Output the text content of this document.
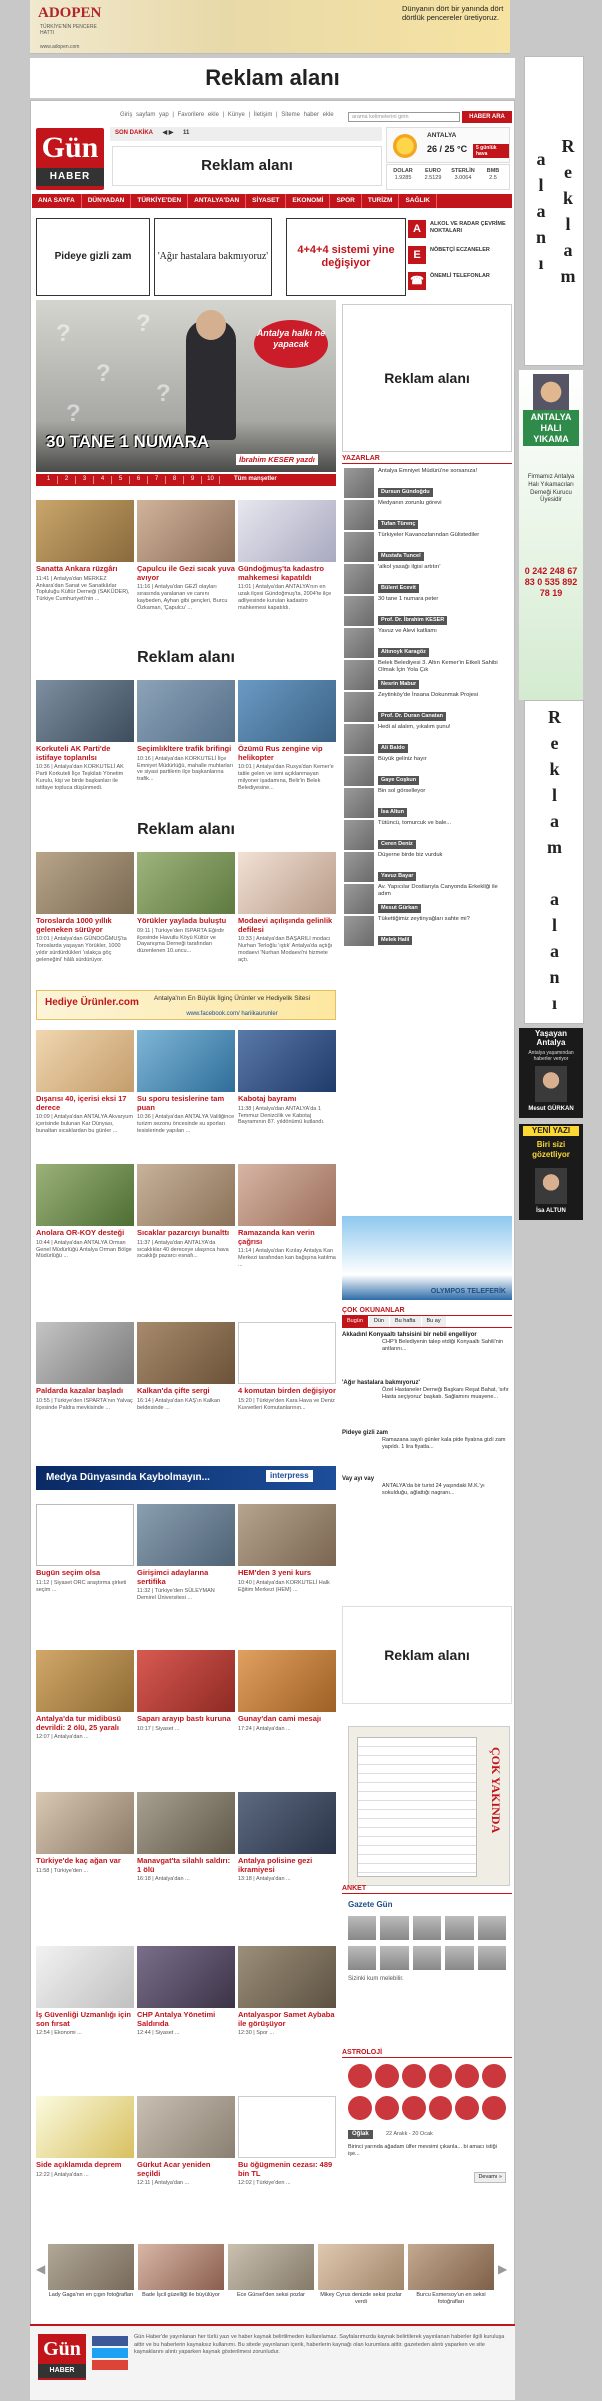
ADOPEN
TÜRKİYE'NİN PENCERE HATTI
www.adopen.com
Dünyanın dört bir yanında dört dörtlük pencereler üretiyoruz.
Reklam alanı
Reklam alanı
Reklam alanı
ANTALYA HALI YIKAMA
Firmamız Antalya Halı Yıkamacıları Derneği Kurucu Üyesidir
0 242 248 67 83 0 535 892 78 19
Yaşayan Antalya
Antalya yaşamından haberler veriyor
Mesut GÜRKAN
YENİ YAZI
Biri sizi gözetliyor
İsa ALTUN
Giriş sayfam yap | Favorilere ekle | Künye | İletişim | Siteme haber ekle	arama kelimelerini girin	HABER ARA
Gün
HABER
SON DAKİKA ◀ ▶ 11
Reklam alanı
ANTALYA
26 / 25 °C	5 günlük hava
DOLAR
1.9285
EURO
2.5129
STERLİN
3.0064
BMB
2.5
ANA SAYFA	DÜNYADAN	TÜRKİYE'DEN	ANTALYA'DAN	SİYASET	EKONOMİ	SPOR	TURİZM	SAĞLIK
Pideye gizli zam	'Ağır hastalara bakmıyoruz'
4+4+4 sistemi yine değişiyor
A	ALKOL VE RADAR ÇEVRİME NOKTALARI
E	NÖBETÇİ ECZANELER
☎	ÖNEMLİ TELEFONLAR
?
?
?
?
?
Antalya halkı ne yapacak
30 TANE 1 NUMARA
İbrahim KESER yazdı
1	2	3	4	5	6	7	8	9	10	Tüm manşetler
Reklam alanı
YAZARLAR
Antalya Emniyet Müdürü'ne sorsanıza!
Dursun Gündoğdu
Medyanın zorunlu görevi
Tufan Türenç
Türkiyeler Kavanozlarından Gülistediler
Mustafa Tuncel
'alkol yasağı ilgisi artıtırı'
Bülent Ecevit
30 tane 1 numara peter
Prof. Dr. İbrahim KESER
Yavuz ve Alevi katliamı
Altınoyk Karagöz
Belek Belediyesi 3. Altın Kemer'in Etkeli Sahibi Olmak İçin Yola Çık
Nesrin Mabur
Zeytinköy'de İnsana Dokunmak Projesi
Prof. Dr. Duran Canatan
Hedi al alalım, yıkalım şunu!
Ali Baldo
Büyük geliniz hayır
Gaye Coşkun
Bin sol görselleyor
İsa Altun
Tütüncü, tomurcuk ve bale...
Ceren Deniz
Düşerne birde biz vurduk
Yavuz Bayar
Av. Yapıcılar Dostlarıyla Canyonda Erkekliği ile adım
Mesut Gürkan
Tükettiğimiz zeytinyağları sahte mi?
Melek Halil
Sanatta Ankara rüzgârı
11:41 | Antalya'dan MERKEZ Ankara'dan Sanat ve Sanatkârlar Topluluğu Kültür Derneği (SAKÜDER), Türkiye Cumhuriyeti'nin ...
Çapulcu ile Gezi sıcak yuva avıyor
11:16 | Antalya'dan GEZİ olayları sırasında yaralanan ve canını kaybeden, Ayhan gibi gençleri, Burcu Özkaman, 'Çapulcu' ...
Gündoğmuş'ta kadastro mahkemesi kapatıldı
11:01 | Antalya'dan ANTALYA'nın en uzak ilçesi Gündoğmuş'ta, 2004'te ilçe adliyesinde kurulan kadastro mahkemesi kapatıldı.
Reklam alanı
Korkuteli AK Parti'de istifaye toplanılsı
10:36 | Antalya'dan KORKUTELİ AK Parti Korkuteli İlçe Teşkilatı Yönetim Kurulu, kişi ve birde başkanları ile istifaye topluca düşünmedi.
Seçimlıkltere trafik brifingi
10:16 | Antalya'dan KORKUTELİ İlçe Emniyet Müdürlüğü, mahalle muhtarları ve siyasi partilerin ilçe başkanlarına trafik...
Özümü Rus zengine vip helikopter
10:01 | Antalya'dan Rusya'dan Kemer'e tatile gelen ve ismi açıklanmayan milyoner işadamına, Belir'in Belek Belediyesine...
Reklam alanı
Toroslarda 1000 yıllık geleneken sürüyor
10:01 | Antalya'dan GÜNDOĞMUŞ'ta Toroslarda yaşayan Yörükler, 1000 yıldır sürdürdükleri 'ıslakça göç geleneğini' hâlâ sürdürüyor.
Yörükler yaylada buluştu
09:11 | Türkiye'den ISPARTA Eğirdir ilçesinde Havutlu Köyü Kültür ve Dayanışma Derneği tarafından düzenlenen 10.uncu...
Modaevi açılışında gelinlik defilesi
10:33 | Antalya'dan BAŞARILI modacı Nurhan Terloğlu 'ıştık' Antalya'da açtığı modaevi 'Nurhan Modaevi'ni hizmete açtı.
Hediye Ürünler.com	Antalya'nın En Büyük İlginç Ürünler ve Hediyelik Sitesi
www.facebook.com/ hariikaurunler
Dışarısı 40, içerisi eksi 17 derece
10:09 | Antalya'dan ANTALYA Akvaryum içerisinde bulunan Kar Dünyası, bunaltan sıcaklardan bu günler ...
Su sporu tesislerine tam puan
10:36 | Antalya'dan ANTALYA Valiliğince turizm sezonu öncesinde su sporları tesislerinde yapılan ...
Kabotaj bayramı
11:38 | Antalya'dan ANTALYA'da 1 Temmuz Denizcilik ve Kabotaj Bayramının 87. yıldönümü kutlandı.
Anolara OR-KOY desteği
10:44 | Antalya'dan ANTALYA Orman Genel Müdürlüğü Antalya Orman Bölge Müdürlüğü ...
Sıcaklar pazarcıyı bunalttı
11:37 | Antalya'dan ANTALYA'da sıcaklıklar 40 dereceye ulaşınca hava sıcaklığı pazarcı esnafı...
Ramazanda kan verin çağrısı
11:14 | Antalya'dan Kızılay Antalya Kan Merkezi tarafından kan bağışına katılma ...
Paldarda kazalar başladı
10:55 | Türkiye'den ISPARTA'nın Yalvaç ilçesinde Paldra mevkisinde ...
Kalkan'da çifte sergi
16:14 | Antalya'dan KAŞ'ın Kalkan beldesinde ...
4 komutan birden değişiyor
15:20 | Türkiye'den Kara Hava ve Deniz Kuvvetleri Komutanlarının...
Medya Dünyasında Kaybolmayın...	interpress
Bugün seçim olsa
11:12 | Siyaset ORC araştırma şirketi seçim ...
Girişimci adaylarına sertifika
11:32 | Türkiye'den SÜLEYMAN Demirel Üniversitesi ...
HEM'den 3 yeni kurs
10:40 | Antalya'dan KORKUTELİ Halk Eğitim Merkezi (HEM) ...
Antalya'da tur midibüsü devrildi: 2 ölü, 25 yaralı
12:07 | Antalya'dan ...
Saparı arayıp bastı kuruna
10:17 | Siyaset ...
Gunay'dan cami mesajı
17:24 | Antalya'dan ...
Türkiye'de kaç ağan var
11:58 | Türkiye'den ...
Manavgat'ta silahlı saldırı: 1 ölü
16:18 | Antalya'dan ...
Antalya polisine gezi ikramiyesi
13:18 | Antalya'dan ...
İş Güvenliği Uzmanlığı için son fırsat
12:54 | Ekonomi ...
CHP Antalya Yönetimi Saldırıda
12:44 | Siyaset ...
Antalyaspor Samet Aybaba ile görüşüyor
12:30 | Spor ...
Side açıklamıda deprem
12:22 | Antalya'dan ...
Gürkut Acar yeniden seçildi
12:11 | Antalya'dan ...
Bu öğügmenin cezası: 489 bin TL
12:02 | Türkiye'den ...
OLYMPOS TELEFERİK
ÇOK OKUNANLAR
Bugün	Dün	Bu hafta	Bu ay
Akkadınl Konyaaltı tahsisini bir nebil engelliyor
CHP'li Belediyenin talep etdiği Konyaaltı Sahili'nin antlarını...
'Ağır hastalara bakmıyoruz'
Özel Hastaneler Derneği Başkanı Reşat Bahat, 'sıfır Hasta seçiyoruz' başkatı. Sağlamını muayene...
Pideye gizli zam
Ramazana sayılı günler kala pide fiyatına gizli zam yapıldı. 1 lira fiyatla...
Vay ayı vay
ANTALYA'da bir turist 24 yaşındaki M.K.'yı sokulduğu, ağlattığı nagranı...
Reklam alanı
ÇOK YAKINDA
ANKET
Gazete Gün
Sizinki kum melebilir.
ASTROLOJİ
Oğlak	22 Aralık - 20 Ocak
Birinci yarında ağadam ülfer mevsimi çıkarıla... bi amacı istiği işe...
Devamı »
◀
Lady Gaga'nın en çıgın fotoğrafları	Bade İşcil güzelliği ile büyülüyor	Ece Gürsel'den seksi pozlar	Mikey Cyrus denizde seksi pozlar verdi
Burcu Esmersoy'un en seksi fotoğrafları
▶
Gün
HABER
Gün Haber'de yayınlanan her türlü yazı ve haber kaynak belirtilmeden kullanılamaz. Sayfalarımızda kaynak belirtilerek yayınlanan haberler ilgili kuruluşa aittir ve bu haberlerin kaynaksız kullanımı. Bu sitede yayınlanan içerik, haberlerin kaynağı olan kurumlara aittir. gazeteden alıntı yaparken ve site kaynaklarını alıntı yaparken kaynak gösterilmesi zorunludur.
